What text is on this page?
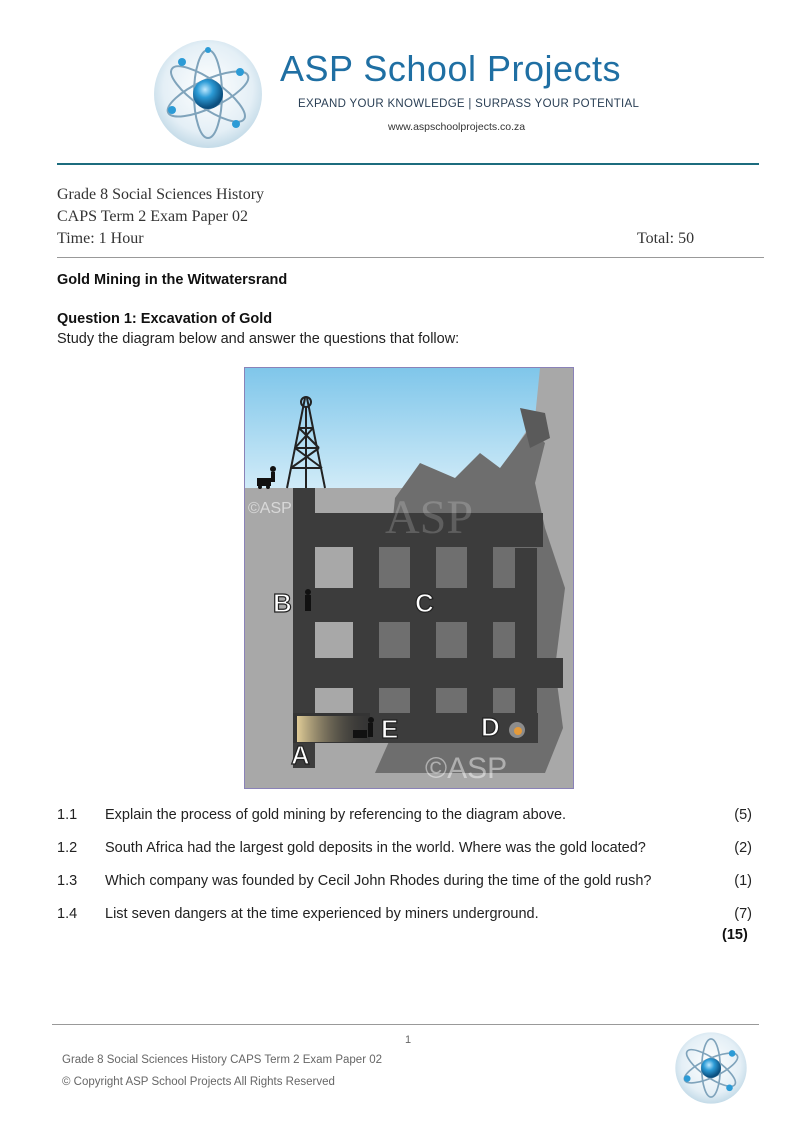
ASP School Projects
EXPAND YOUR KNOWLEDGE | SURPASS YOUR POTENTIAL
www.aspschoolprojects.co.za
Grade 8 Social Sciences History
CAPS Term 2 Exam Paper 02
Time: 1 Hour	Total: 50
Gold Mining in the Witwatersrand
Question 1: Excavation of Gold
Study the diagram below and answer the questions that follow:
©ASP ASP
©ASP
A
B	C
D
E
1.1 Explain the process of gold mining by referencing to the diagram above.	(5)
1.2 South Africa had the largest gold deposits in the world. Where was the gold located?	(2)
1.3 Which company was founded by Cecil John Rhodes during the time of the gold rush?	(1)
1.4 List seven dangers at the time experienced by miners underground.	(7)
(15)
1
Grade 8 Social Sciences History CAPS Term 2 Exam Paper 02
© Copyright ASP School Projects All Rights Reserved
